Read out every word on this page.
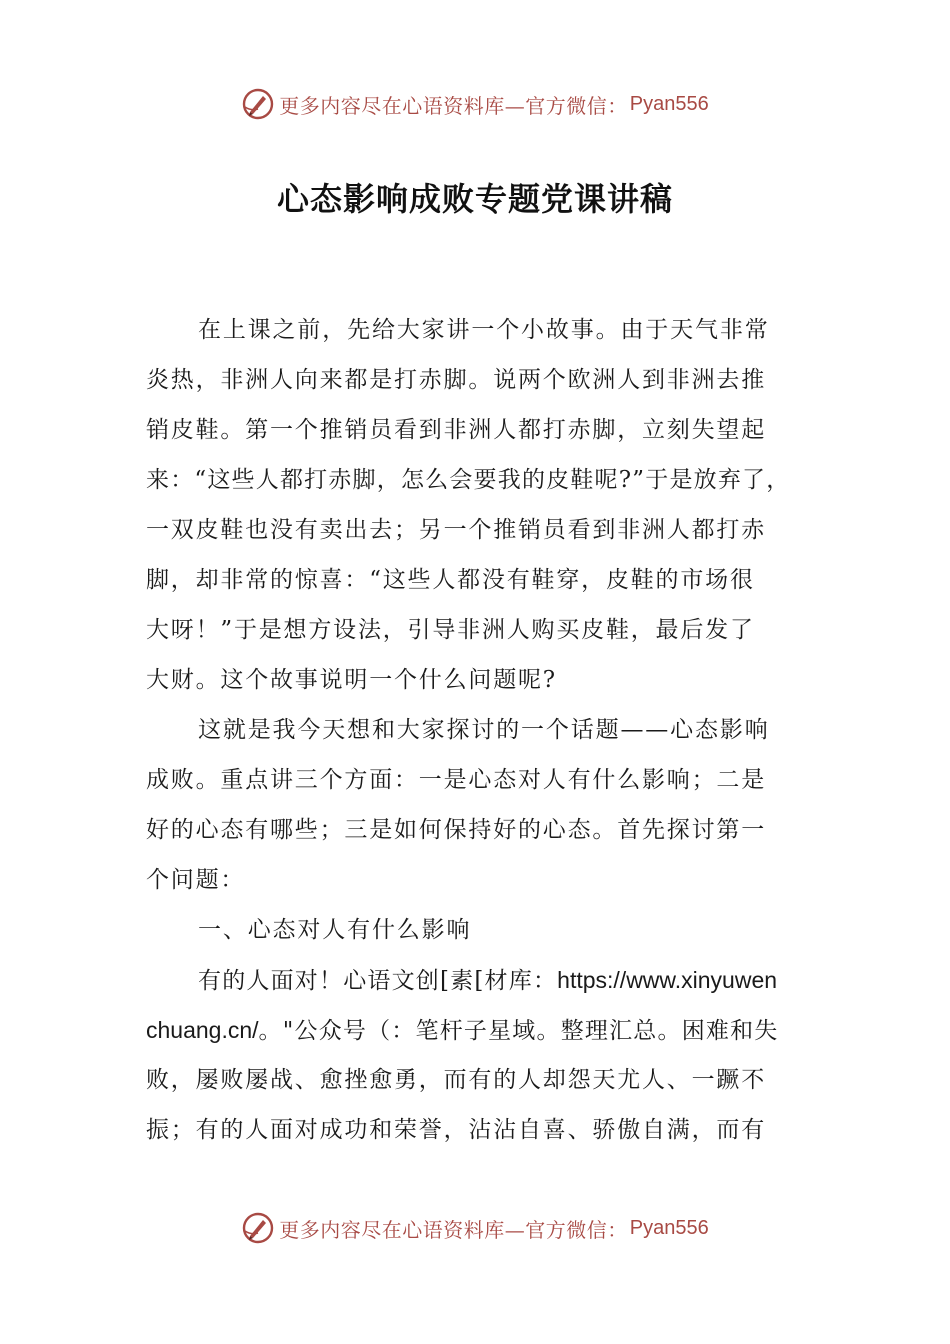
更多内容尽在心语资料库—官方微信： Pyan556
心态影响成败专题党课讲稿
在上课之前，先给大家讲一个小故事。由于天气非常
炎热，非洲人向来都是打赤脚。说两个欧洲人到非洲去推
销皮鞋。第一个推销员看到非洲人都打赤脚，立刻失望起
来：“这些人都打赤脚，怎么会要我的皮鞋呢?”于是放弃了，
一双皮鞋也没有卖出去；另一个推销员看到非洲人都打赤
脚，却非常的惊喜：“这些人都没有鞋穿，皮鞋的市场很
大呀！”于是想方设法，引导非洲人购买皮鞋，最后发了
大财。这个故事说明一个什么问题呢?
这就是我今天想和大家探讨的一个话题——心态影响
成败。重点讲三个方面：一是心态对人有什么影响；二是
好的心态有哪些；三是如何保持好的心态。首先探讨第一
个问题：
一、心态对人有什么影响
有的人面对！心语文创[素[材库：https://www.xinyuwen
chuang.cn/。"公众号（：笔杆子星域。整理汇总。困难和失
败，屡败屡战、愈挫愈勇，而有的人却怨天尤人、一蹶不
振；有的人面对成功和荣誉，沾沾自喜、骄傲自满，而有
更多内容尽在心语资料库—官方微信： Pyan556
